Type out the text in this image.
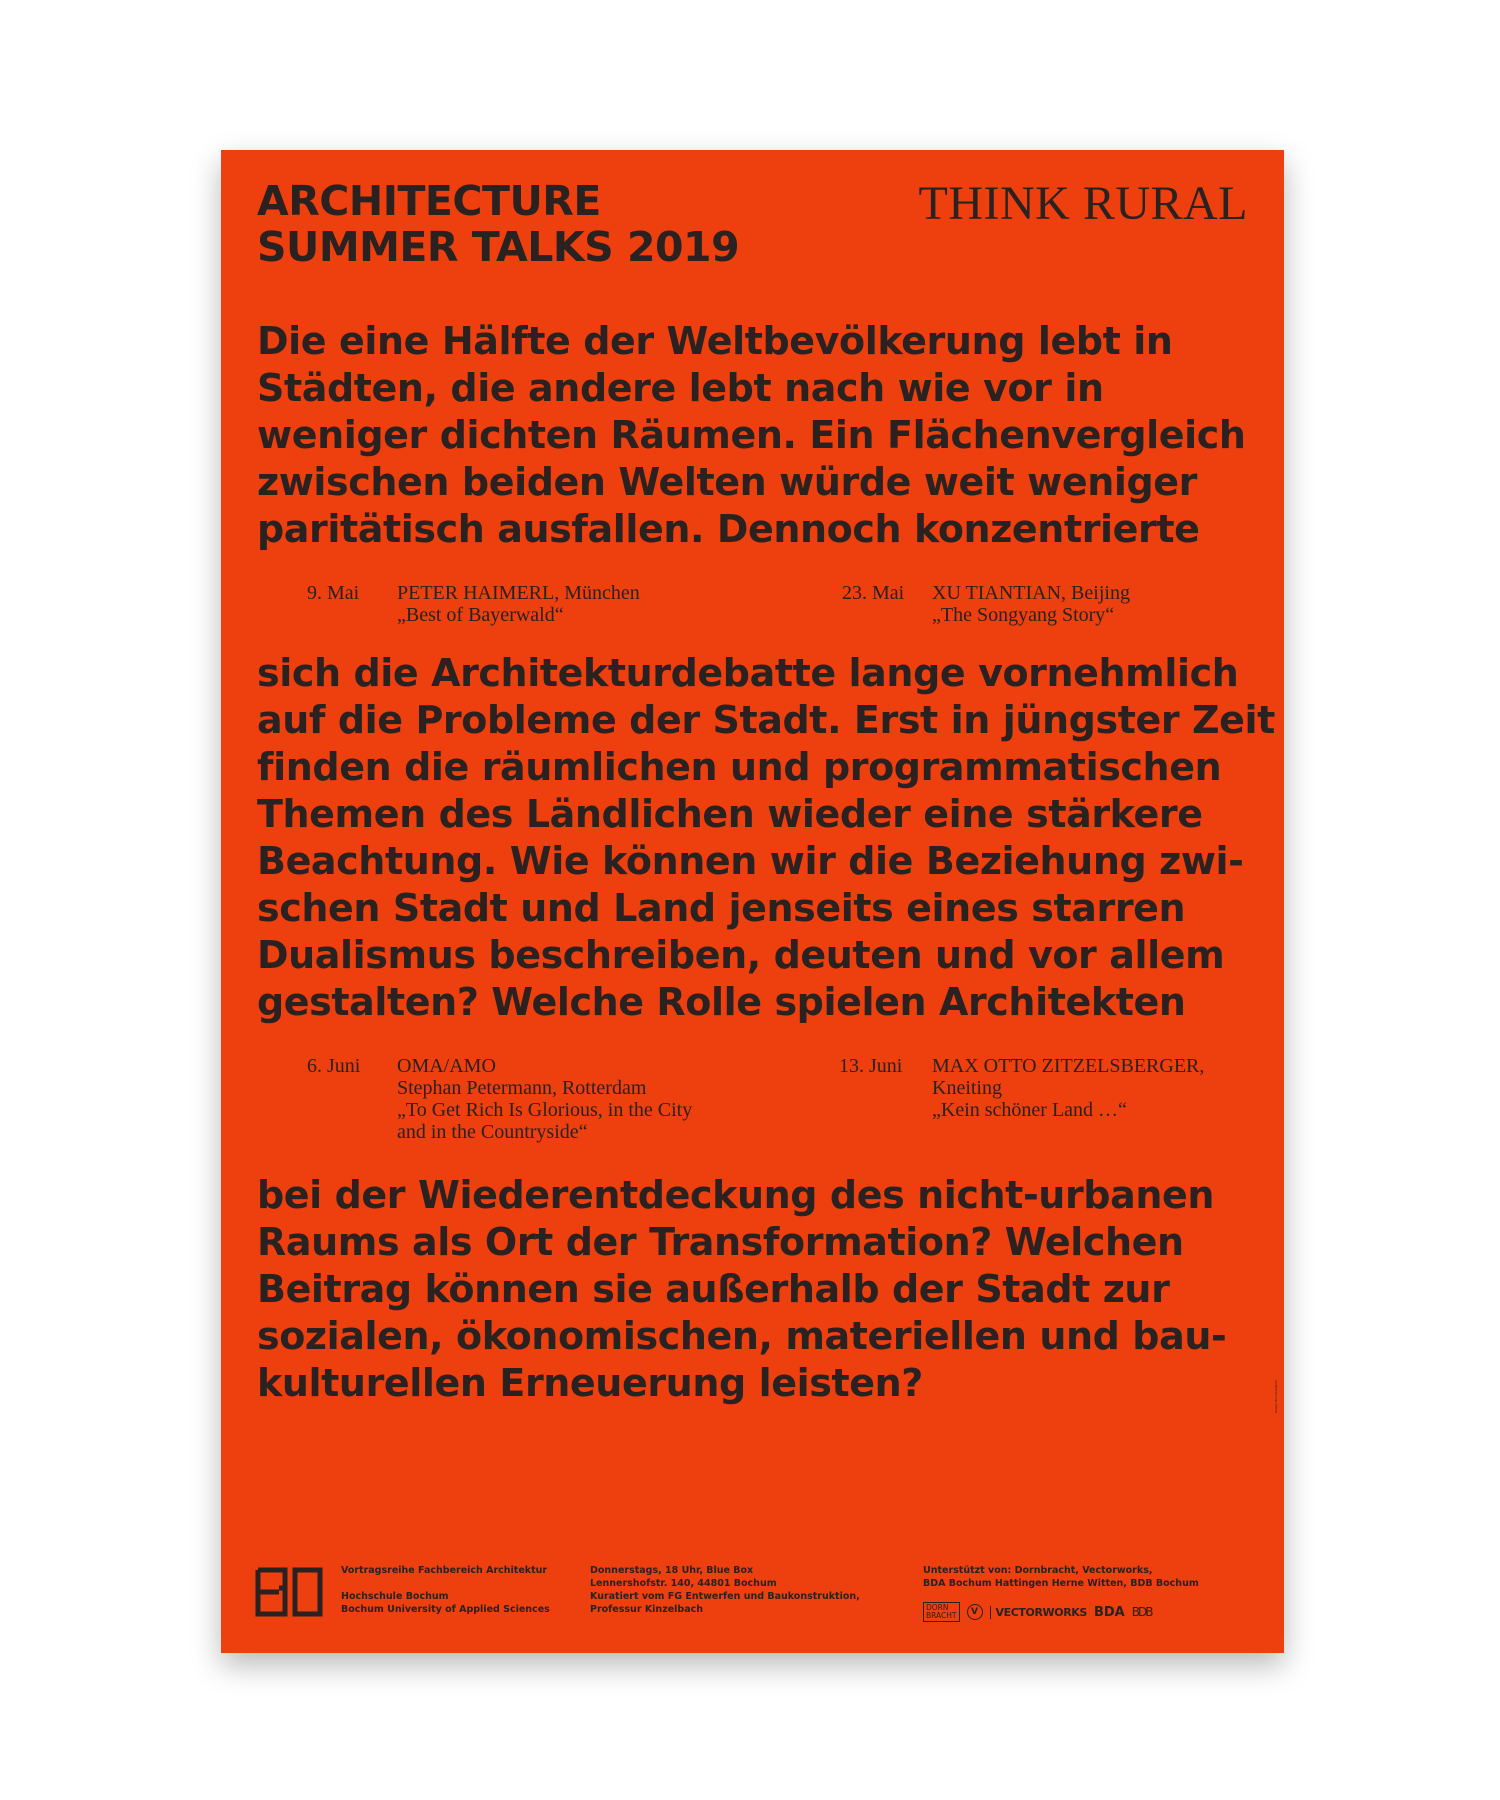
ARCHITECTURE
SUMMER TALKS 2019
THINK RURAL
Die eine Hälfte der Weltbevölkerung lebt in
Städten, die andere lebt nach wie vor in
weniger dichten Räumen. Ein Flächenvergleich
zwischen beiden Welten würde weit weniger
paritätisch ausfallen. Dennoch konzentrierte
9. Mai PETER HAIMERL, München
„Best of Bayerwald“
23. Mai XU TIANTIAN, Beijing
„The Songyang Story“
sich die Architekturdebatte lange vornehmlich
auf die Probleme der Stadt. Erst in jüngster Zeit
finden die räumlichen und programmatischen
Themen des Ländlichen wieder eine stärkere
Beachtung. Wie können wir die Beziehung zwi-
schen Stadt und Land jenseits eines starren
Dualismus beschreiben, deuten und vor allem
gestalten? Welche Rolle spielen Architekten
6. Juni OMA/AMO
Stephan Petermann, Rotterdam
„To Get Rich Is Glorious, in the City
and in the Countryside“
13. Juni MAX OTTO ZITZELSBERGER,
Kneiting
„Kein schöner Land …“
bei der Wiederentdeckung des nicht-urbanen
Raums als Ort der Transformation? Welchen
Beitrag können sie außerhalb der Stadt zur
sozialen, ökonomischen, materiellen und bau-
kulturellen Erneuerung leisten?	Design: Büro Kinzelbach
Vortragsreihe Fachbereich Architektur
Hochschule Bochum
Bochum University of Applied Sciences
Donnerstags, 18 Uhr, Blue Box
Lennershofstr. 140, 44801 Bochum
Kuratiert vom FG Entwerfen und Baukonstruktion,
Professur Kinzelbach
Unterstützt von: Dornbracht, Vectorworks,
BDA Bochum Hattingen Herne Witten, BDB Bochum
DORN
BRACHT	V	VECTORWORKS BDA BDB
